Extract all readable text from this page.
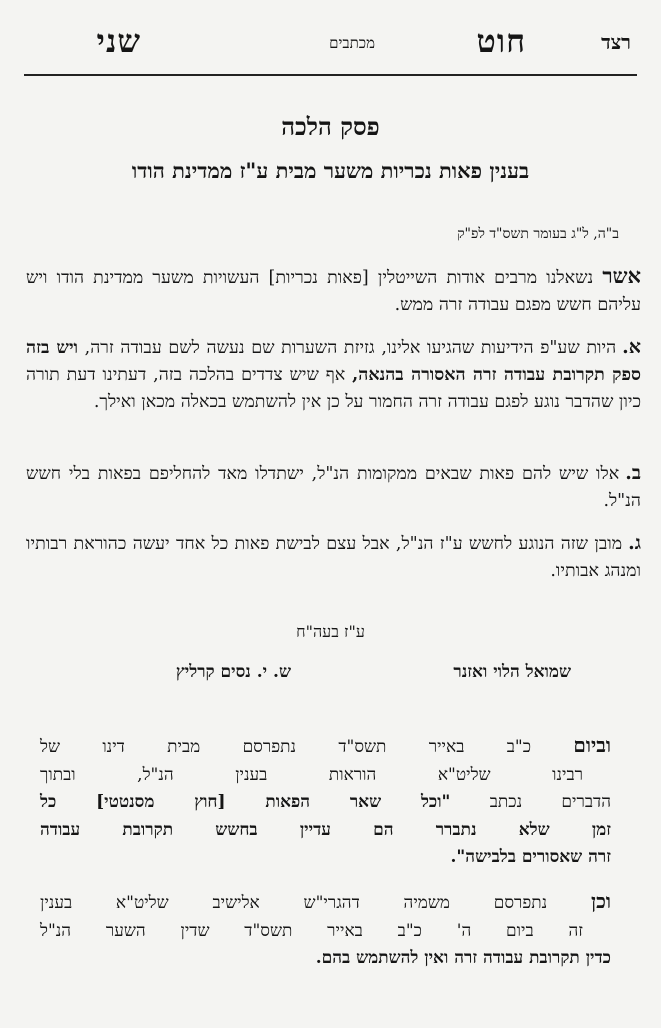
רצד
חוט
מכתבים
שני
פסק הלכה
בענין פאות נכריות משער מבית ע"ז ממדינת הודו
ב"ה, ל"ג בעומר תשס"ד לפ"ק
אשר נשאלנו מרבים אודות השייטלין [פאות נכריות] העשויות משער ממדינת הודו ויש עליהם חשש מפגם עבודה זרה ממש.
א.היות שע"פ הידיעות שהגיעו אלינו, גזיזת השערות שם נעשה לשם עבודה זרה, ויש בזה ספק תקרובת עבודה זרה האסורה בהנאה, אף שיש צדדים בהלכה בזה, דעתינו דעת תורה כיון שהדבר נוגע לפגם עבודה זרה החמור על כן אין להשתמש בכאלה מכאן ואילך.
ב.אלו שיש להם פאות שבאים ממקומות הנ"ל, ישתדלו מאד להחליפם בפאות בלי חשש הנ"ל.
ג.מובן שזה הנוגע לחשש ע"ז הנ"ל, אבל עצם לבישת פאות כל אחד יעשה כהוראת רבותיו ומנהג אבותיו.
ע"ז בעה"ח
שמואל הלוי ואזנר
ש. י. נסים קרליץ
וביום כ"ב באייר תשס"ד נתפרסם מבית דינו של
רבינו שליט"א הוראות בענין הנ"ל, ובתוך
הדברים נכתב "וכל שאר הפאות [חוץ מסנטטי] כל
זמן שלא נתברר הם עדיין בחשש תקרובת עבודה
זרה שאסורים בלבישה".
וכן נתפרסם משמיה דהגרי"ש אלישיב שליט"א בענין
זה ביום ה' כ"ב באייר תשס"ד שדין השער הנ"ל
כדין תקרובת עבודה זרה ואין להשתמש בהם.
